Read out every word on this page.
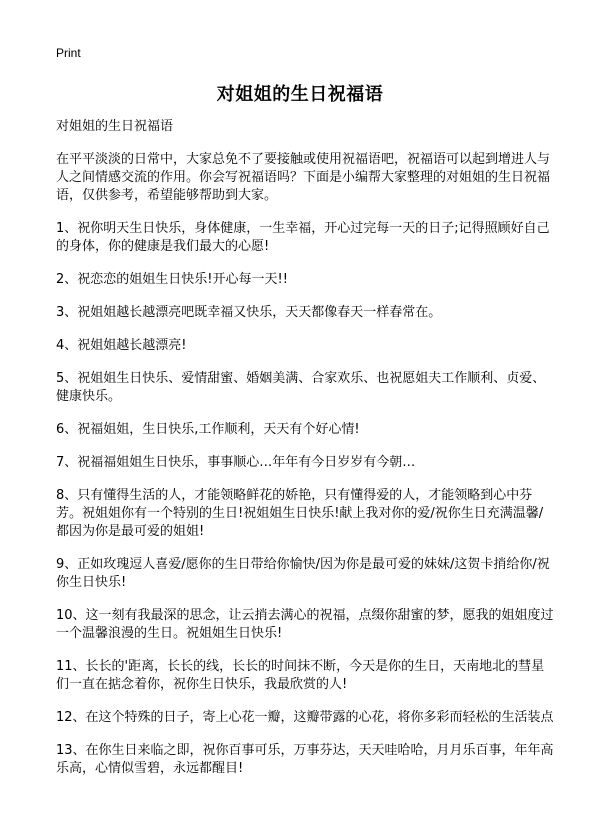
Print
对姐姐的生日祝福语

对姐姐的生日祝福语

在平平淡淡的日常中，大家总免不了要接触或使用祝福语吧，祝福语可以起到增进人与人之间情感交流的作用。你会写祝福语吗？下面是小编帮大家整理的对姐姐的生日祝福语，仅供参考，希望能够帮助到大家。

1、祝你明天生日快乐，身体健康，一生幸福，开心过完每一天的日子;记得照顾好自己的身体，你的健康是我们最大的心愿!

2、祝恋恋的姐姐生日快乐!开心每一天!!

3、祝姐姐越长越漂亮吧既幸福又快乐，天天都像春天一样春常在。

4、祝姐姐越长越漂亮!

5、祝姐姐生日快乐、爱情甜蜜、婚姻美满、合家欢乐、也祝愿姐夫工作顺利、贞爱、健康快乐。

6、祝福姐姐，生日快乐,工作顺利，天天有个好心情!

7、祝福福姐姐生日快乐，事事顺心…年年有今日岁岁有今朝…

8、只有懂得生活的人，才能领略鲜花的娇艳，只有懂得爱的人，才能领略到心中芬芳。祝姐姐你有一个特别的生日!祝姐姐生日快乐!献上我对你的爱/祝你生日充满温馨/都因为你是最可爱的姐姐!

9、正如玫瑰逗人喜爱/愿你的生日带给你愉快/因为你是最可爱的妹妹/这贺卡捎给你/祝你生日快乐!

10、这一刻有我最深的思念，让云捎去满心的祝福，点缀你甜蜜的梦，愿我的姐姐度过一个温馨浪漫的生日。祝姐姐生日快乐!

11、长长的'距离，长长的线，长长的时间抹不断，今天是你的生日，天南地北的彗星们一直在掂念着你，祝你生日快乐，我最欣赏的人!

12、在这个特殊的日子，寄上心花一瓣，这瓣带露的心花，将你多彩而轻松的生活装点

13、在你生日来临之即，祝你百事可乐，万事芬达，天天哇哈哈，月月乐百事，年年高乐高，心情似雪碧，永远都醒目!
